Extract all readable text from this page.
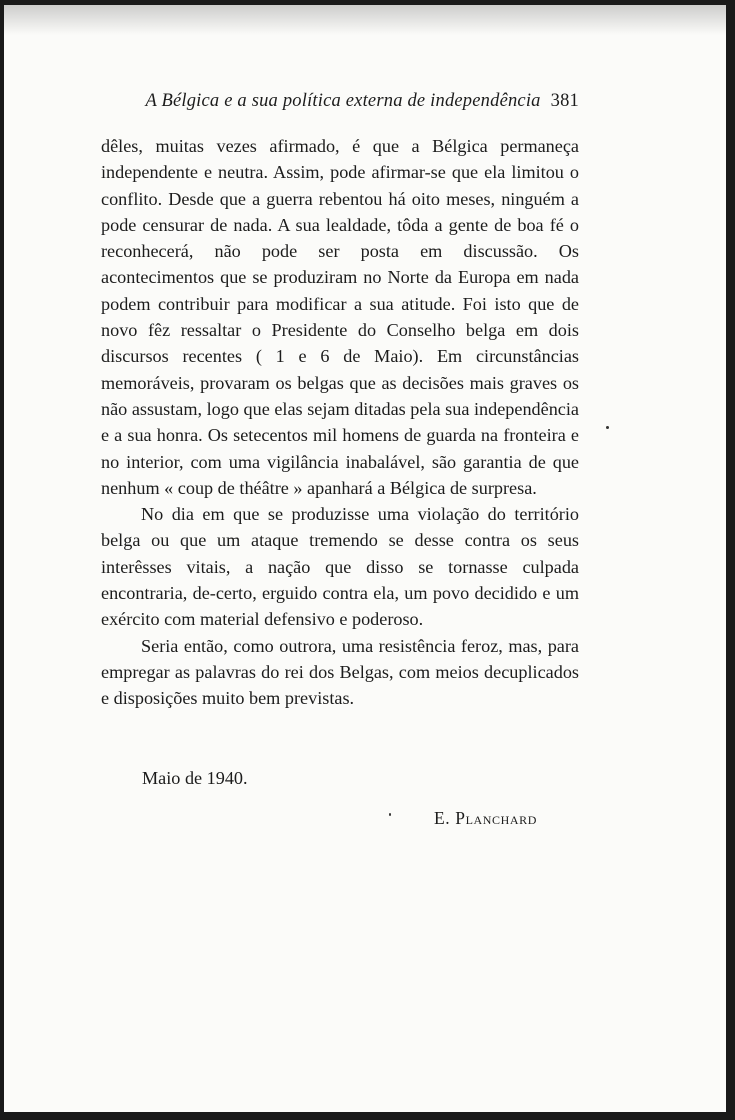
A Bélgica e a sua política externa de independência 381

dêles, muitas vezes afirmado, é que a Bélgica permaneça independente e neutra. Assim, pode afirmar-se que ela limitou o conflito. Desde que a guerra rebentou há oito meses, ninguém a pode censurar de nada. A sua lealdade, tôda a gente de boa fé o reconhecerá, não pode ser posta em discussão. Os acontecimentos que se produziram no Norte da Europa em nada podem contribuir para modificar a sua atitude. Foi isto que de novo fêz ressaltar o Presidente do Conselho belga em dois discursos recentes ( 1 e 6 de Maio). Em circunstâncias memoráveis, provaram os belgas que as decisões mais graves os não assustam, logo que elas sejam ditadas pela sua independência e a sua honra. Os setecentos mil homens de guarda na fronteira e no interior, com uma vigilância inabalável, são garantia de que nenhum « coup de théâtre » apanhará a Bélgica de surpresa.

No dia em que se produzisse uma violação do território belga ou que um ataque tremendo se desse contra os seus interêsses vitais, a nação que disso se tornasse culpada encontraria, de-certo, erguido contra ela, um povo decidido e um exército com material defensivo e poderoso.

Seria então, como outrora, uma resistência feroz, mas, para empregar as palavras do rei dos Belgas, com meios decuplicados e disposições muito bem previstas.

Maio de 1940.
E. Planchard
